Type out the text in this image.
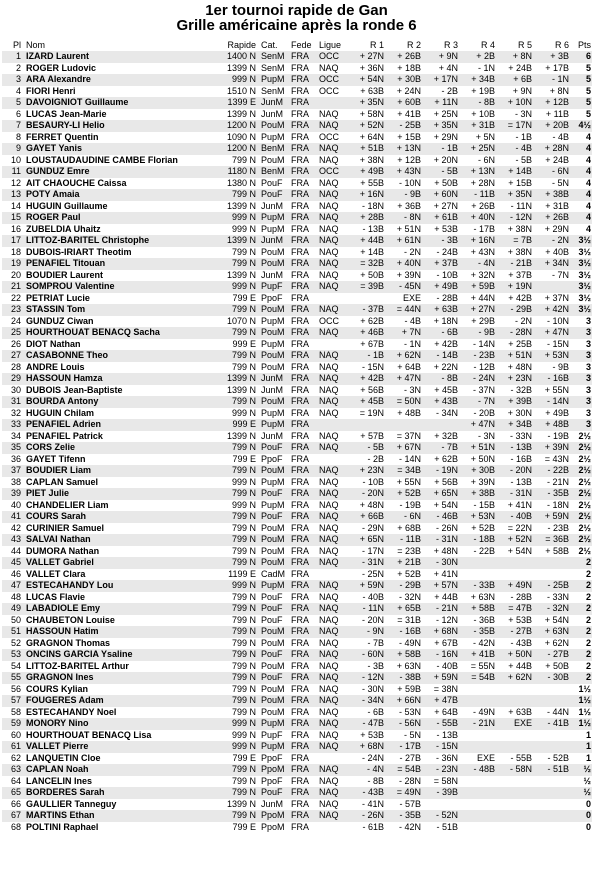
1er tournoi rapide de Gan
Grille américaine après la ronde 6
Pl	Nom	Rapide	Cat.	Fede	Ligue	R 1	R 2	R 3	R 4	R 5	R 6	Pts
1	IZARD Laurent	1400 N	SenM	FRA	OCC	+ 27N	+ 26B	+ 9N	+ 2B	+ 8N	+ 3B	6
2	ROGER Ludovic	1399 N	SenM	FRA	NAQ	+ 36N	+ 18B	+ 4N	- 1N	+ 24B	+ 17B	5
3	ARA Alexandre	999 N	PupM	FRA	OCC	+ 54N	+ 30B	+ 17N	+ 34B	+ 6B	- 1N	5
4	FIORI Henri	1510 N	SenM	FRA	OCC	+ 63B	+ 24N	- 2B	+ 19B	+ 9N	+ 8N	5
5	DAVOIGNIOT Guillaume	1399 E	JunM	FRA		+ 35N	+ 60B	+ 11N	- 8B	+ 10N	+ 12B	5
6	LUCAS Jean-Marie	1399 N	JunM	FRA	NAQ	+ 58N	+ 41B	+ 25N	+ 10B	- 3N	+ 11B	5
7	BESAURY-LI Helio	1200 N	PouM	FRA	NAQ	+ 52N	- 25B	+ 35N	+ 31B	= 17N	+ 20B	4½
8	FERRET Quentin	1090 N	PupM	FRA	OCC	+ 64N	+ 15B	+ 29N	+ 5N	- 1B	- 4B	4
9	GAYET Yanis	1200 N	BenM	FRA	NAQ	+ 51B	+ 13N	- 1B	+ 25N	- 4B	+ 28N	4
10	LOUSTAUDAUDINE CAMBE Florian	799 N	PouM	FRA	NAQ	+ 38N	+ 12B	+ 20N	- 6N	- 5B	+ 24B	4
11	GUNDUZ Emre	1180 N	BenM	FRA	OCC	+ 49B	+ 43N	- 5B	+ 13N	+ 14B	- 6N	4
12	AIT CHAOUCHE Caissa	1380 N	PouF	FRA	NAQ	+ 55B	- 10N	+ 50B	+ 28N	+ 15B	- 5N	4
13	POTY Amaia	799 N	PouF	FRA	NAQ	+ 16N	- 9B	+ 60N	- 11B	+ 35N	+ 38B	4
14	HUGUIN Guillaume	1399 N	JunM	FRA	NAQ	- 18N	+ 36B	+ 27N	+ 26B	- 11N	+ 31B	4
15	ROGER Paul	999 N	PupM	FRA	NAQ	+ 28B	- 8N	+ 61B	+ 40N	- 12N	+ 26B	4
16	ZUBELDIA Uhaitz	999 N	PupM	FRA	NAQ	- 13B	+ 51N	+ 53B	- 17B	+ 38N	+ 29N	4
17	LITTOZ-BARITEL Christophe	1399 N	JunM	FRA	NAQ	+ 44B	+ 61N	- 3B	+ 16N	= 7B	- 2N	3½
18	DUBOIS-IRIART Theotim	799 N	PouM	FRA	NAQ	+ 14B	- 2N	- 24B	+ 43N	+ 38N	+ 40B	3½
19	PENAFIEL Titouan	799 N	PouM	FRA	NAQ	= 32B	+ 40N	+ 37B	- 4N	- 21B	+ 34N	3½
20	BOUDIER Laurent	1399 N	JunM	FRA	NAQ	+ 50B	+ 39N	- 10B	+ 32N	+ 37B	- 7N	3½
21	SOMPROU Valentine	999 N	PupF	FRA	NAQ	= 39B	- 45N	+ 49B	+ 59B	+ 19N		3½
22	PETRIAT Lucie	799 E	PpoF	FRA			EXE	- 28B	+ 44N	+ 42B	+ 37N	3½
23	STASSIN Tom	799 N	PouM	FRA	NAQ	- 37B	= 44N	+ 63B	+ 27N	- 29B	+ 42N	3½
24	GUNDUZ Ciwan	1070 N	PupM	FRA	OCC	+ 62B	- 4B	+ 18N	+ 29B	- 2N	- 10N	3
25	HOURTHOUAT BENACQ Sacha	799 N	PouM	FRA	NAQ	+ 46B	+ 7N	- 6B	- 9B	- 28N	+ 47N	3
26	DIOT Nathan	999 E	PupM	FRA		+ 67B	- 1N	+ 42B	- 14N	+ 25B	- 15N	3
27	CASABONNE Theo	799 N	PouM	FRA	NAQ	- 1B	+ 62N	- 14B	- 23B	+ 51N	+ 53N	3
28	ANDRE Louis	799 N	PouM	FRA	NAQ	- 15N	+ 64B	+ 22N	- 12B	+ 48N	- 9B	3
29	HASSOUN Hamza	1399 N	JunM	FRA	NAQ	+ 42B	+ 47N	- 8B	- 24N	+ 23N	- 16B	3
30	DUBOIS Jean-Baptiste	1399 N	JunM	FRA	NAQ	+ 56B	- 3N	+ 45B	- 37N	- 32B	+ 55N	3
31	BOURDA Antony	799 N	PouM	FRA	NAQ	+ 45B	= 50N	+ 43B	- 7N	+ 39B	- 14N	3
32	HUGUIN Chilam	999 N	PupM	FRA	NAQ	= 19N	+ 48B	- 34N	- 20B	+ 30N	+ 49B	3
33	PENAFIEL Adrien	999 E	PupM	FRA					+ 47N	+ 34B	+ 48B	3
34	PENAFIEL Patrick	1399 N	JunM	FRA	NAQ	+ 57B	= 37N	+ 32B	- 3N	- 33N	- 19B	2½
35	CORS Zelie	799 N	PouF	FRA	NAQ	- 5B	+ 67N	- 7B	+ 51N	- 13B	+ 39N	2½
36	GAYET Tifenn	799 E	PpoF	FRA		- 2B	- 14N	+ 62B	+ 50N	- 16B	= 43N	2½
37	BOUDIER Liam	799 N	PouM	FRA	NAQ	+ 23N	= 34B	- 19N	+ 30B	- 20N	- 22B	2½
38	CAPLAN Samuel	999 N	PupM	FRA	NAQ	- 10B	+ 55N	+ 56B	+ 39N	- 13B	- 21N	2½
39	PIET Julie	799 N	PouF	FRA	NAQ	- 20N	+ 52B	+ 65N	+ 38B	- 31N	- 35B	2½
40	CHANDELIER Liam	999 N	PupM	FRA	NAQ	+ 48N	- 19B	+ 54N	- 15B	+ 41N	- 18N	2½
41	COURS Sarah	799 N	PouF	FRA	NAQ	+ 66B	- 6N	- 46B	+ 53N	- 40B	+ 59N	2½
42	CURINIER Samuel	799 N	PouM	FRA	NAQ	- 29N	+ 68B	- 26N	+ 52B	= 22N	- 23B	2½
43	SALVAI Nathan	799 N	PouM	FRA	NAQ	+ 65N	- 11B	- 31N	- 18B	+ 52N	= 36B	2½
44	DUMORA Nathan	799 N	PouM	FRA	NAQ	- 17N	= 23B	+ 48N	- 22B	+ 54N	+ 58B	2½
45	VALLET Gabriel	799 N	PouM	FRA	NAQ	- 31N	+ 21B	- 30N				2
46	VALLET Clara	1199 E	CadM	FRA		- 25N	+ 52B	+ 41N				2
47	ESTECAHANDY Lou	999 N	PupM	FRA	NAQ	+ 59N	- 29B	+ 57N	- 33B	+ 49N	- 25B	2
48	LUCAS Flavie	799 N	PouF	FRA	NAQ	- 40B	- 32N	+ 44B	+ 63N	- 28B	- 33N	2
49	LABADIOLE Emy	799 N	PouF	FRA	NAQ	- 11N	+ 65B	- 21N	+ 58B	= 47B	- 32N	2
50	CHAUBETON Louise	799 N	PouF	FRA	NAQ	- 20N	= 31B	- 12N	- 36B	+ 53B	+ 54N	2
51	HASSOUN Hatim	799 N	PouM	FRA	NAQ	- 9N	- 16B	+ 68N	- 35B	- 27B	+ 63N	2
52	GRAGNON Thomas	799 N	PouM	FRA	NAQ	- 7B	- 49N	+ 67B	- 42N	- 43B	+ 62N	2
53	ONCINS GARCIA Ysaline	799 N	PouF	FRA	NAQ	- 60N	+ 58B	- 16N	+ 41B	+ 50N	- 27B	2
54	LITTOZ-BARITEL Arthur	799 N	PouM	FRA	NAQ	- 3B	+ 63N	- 40B	= 55N	+ 44B	+ 50B	2
55	GRAGNON Ines	799 N	PouF	FRA	NAQ	- 12N	- 38B	+ 59N	= 54B	+ 62N	- 30B	2
56	COURS Kylian	799 N	PouM	FRA	NAQ	- 30N	+ 59B	= 38N				1½
57	FOUGERES Adam	799 N	PouM	FRA	NAQ	- 34N	+ 66N	+ 47B				1½
58	ESTECAHANDY Noel	799 N	PouM	FRA	NAQ	- 6B	- 53N	+ 64B	- 49N	+ 63B	- 44N	1½
59	MONORY Nino	999 N	PupM	FRA	NAQ	- 47B	- 56N	- 55B	- 21N	EXE	- 41B	1½
60	HOURTHOUAT BENACQ Lisa	999 N	PupF	FRA	NAQ	+ 53B	- 5N	- 13B				1
61	VALLET Pierre	999 N	PupM	FRA	NAQ	+ 68N	- 17B	- 15N				1
62	LANQUETIN Cloe	799 E	PpoF	FRA		- 24N	- 27B	- 36N	EXE	- 55B	- 52B	1
63	CAPLAN Noah	799 N	PpoM	FRA	NAQ	- 4N	= 54B	- 23N	- 48B	- 58N	- 51B	½
64	LANCELIN Ines	799 N	PpoF	FRA	NAQ	- 8B	- 28N	= 58N				½
65	BORDERES Sarah	799 N	PouF	FRA	NAQ	- 43B	= 49N	- 39B				½
66	GAULLIER Tanneguy	1399 N	JunM	FRA	NAQ	- 41N	- 57B					0
67	MARTINS Ethan	799 N	PpoM	FRA	NAQ	- 26N	- 35B	- 52N				0
68	POLTINI Raphael	799 E	PpoM	FRA		- 61B	- 42N	- 51B				0
